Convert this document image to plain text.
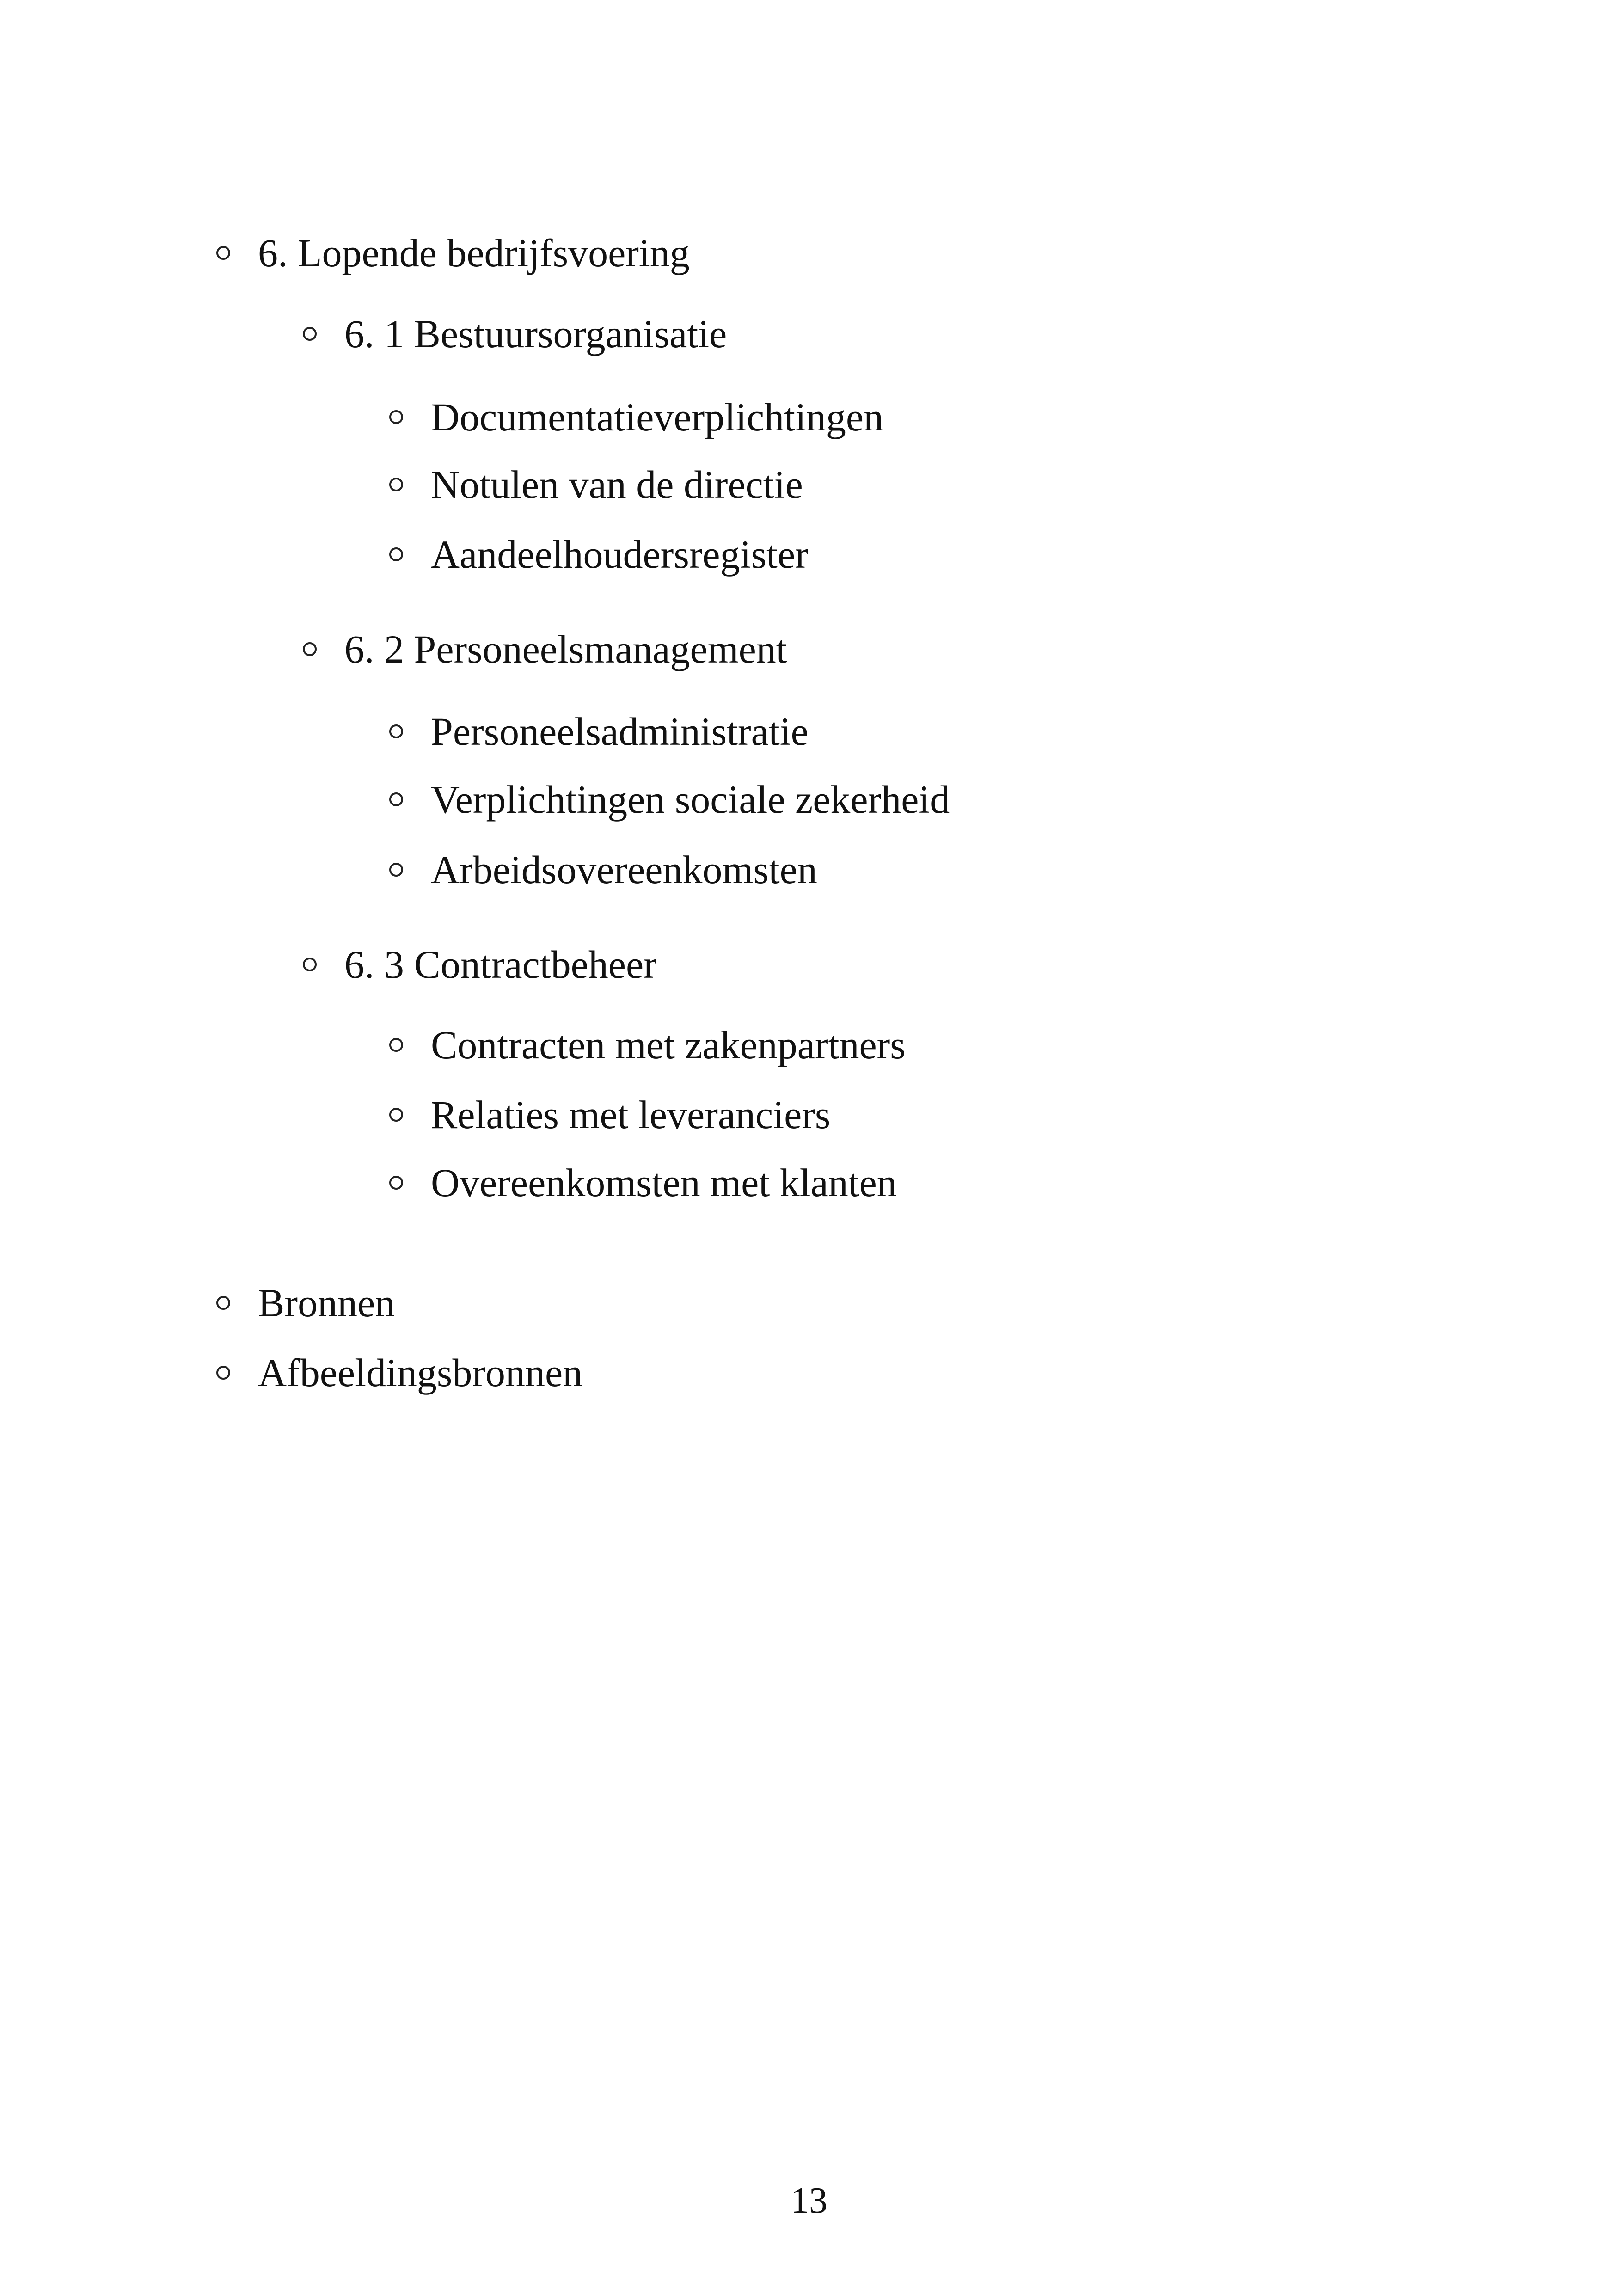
6. Lopende bedrijfsvoering
6. 1 Bestuursorganisatie
Documentatieverplichtingen
Notulen van de directie
Aandeelhoudersregister
6. 2 Personeelsmanagement
Personeelsadministratie
Verplichtingen sociale zekerheid
Arbeidsovereenkomsten
6. 3 Contractbeheer
Contracten met zakenpartners
Relaties met leveranciers
Overeenkomsten met klanten
Bronnen
Afbeeldingsbronnen
13
